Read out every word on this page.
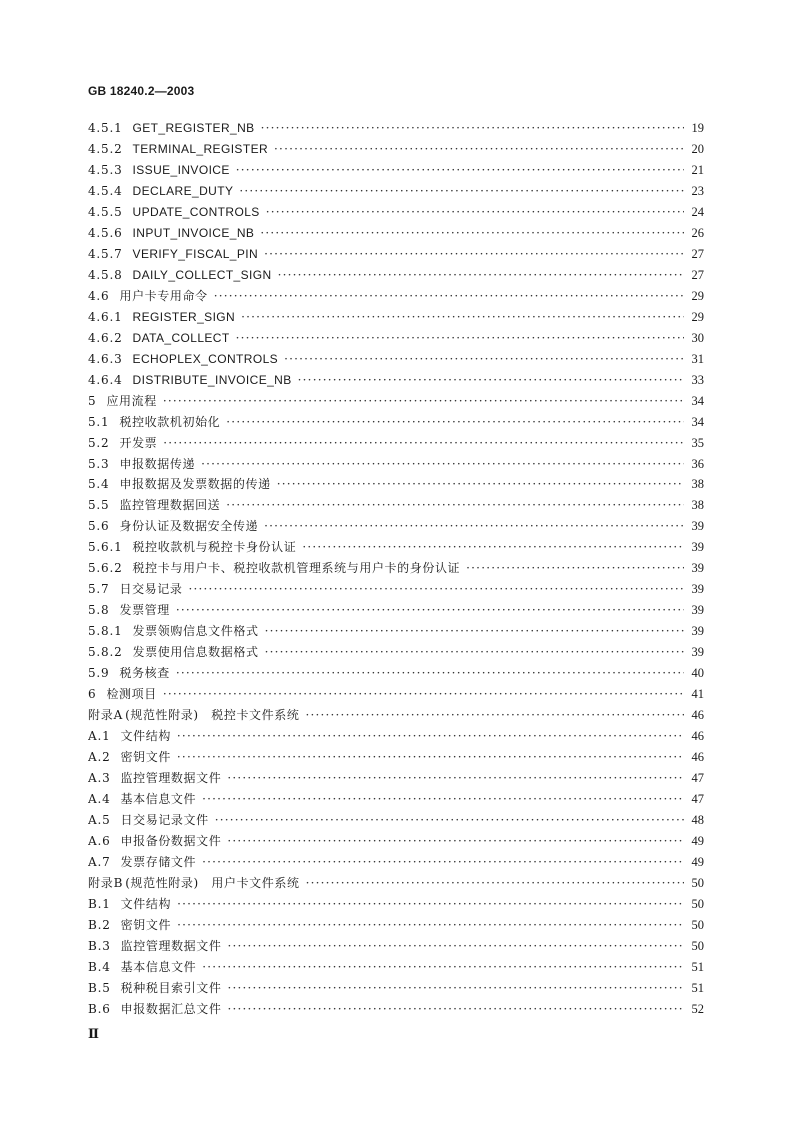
GB 18240.2—2003
4.5.1 GET_REGISTER_NB ·····	19
4.5.2 TERMINAL_REGISTER ·····	20
4.5.3 ISSUE_INVOICE ·····	21
4.5.4 DECLARE_DUTY ·····	23
4.5.5 UPDATE_CONTROLS ·····	24
4.5.6 INPUT_INVOICE_NB ·····	26
4.5.7 VERIFY_FISCAL_PIN ·····	27
4.5.8 DAILY_COLLECT_SIGN ·····	27
4.6 用户卡专用命令 ·····	29
4.6.1 REGISTER_SIGN ·····	29
4.6.2 DATA_COLLECT ·····	30
4.6.3 ECHOPLEX_CONTROLS ·····	31
4.6.4 DISTRIBUTE_INVOICE_NB ·····	33
5 应用流程 ·····	34
5.1 税控收款机初始化 ·····	34
5.2 开发票 ·····	35
5.3 申报数据传递 ·····	36
5.4 申报数据及发票数据的传递 ·····	38
5.5 监控管理数据回送 ·····	38
5.6 身份认证及数据安全传递 ·····	39
5.6.1 税控收款机与税控卡身份认证 ·····	39
5.6.2 税控卡与用户卡、税控收款机管理系统与用户卡的身份认证 ·····	39
5.7 日交易记录 ·····	39
5.8 发票管理 ·····	39
5.8.1 发票领购信息文件格式 ·····	39
5.8.2 发票使用信息数据格式 ·····	39
5.9 税务核查 ·····	40
6 检测项目 ·····	41
附录A (规范性附录)　税控卡文件系统 ·····	46
A.1 文件结构 ·····	46
A.2 密钥文件 ·····	46
A.3 监控管理数据文件 ·····	47
A.4 基本信息文件 ·····	47
A.5 日交易记录文件 ·····	48
A.6 申报备份数据文件 ·····	49
A.7 发票存储文件 ·····	49
附录B (规范性附录)　用户卡文件系统 ·····	50
B.1 文件结构 ·····	50
B.2 密钥文件 ·····	50
B.3 监控管理数据文件 ·····	50
B.4 基本信息文件 ·····	51
B.5 税种税目索引文件 ·····	51
B.6 申报数据汇总文件 ·····	52
Ⅱ
